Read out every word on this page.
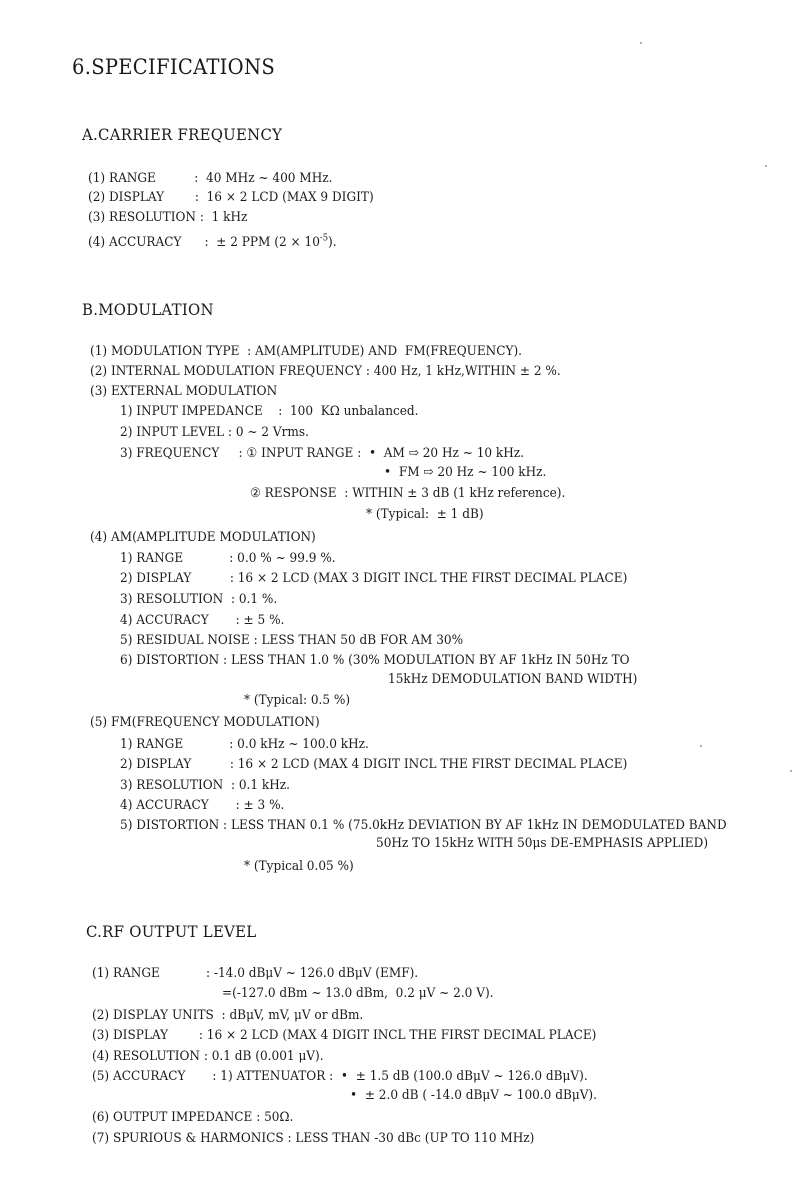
6.SPECIFICATIONS
A.CARRIER FREQUENCY
(1) RANGE          :  40 MHz ~ 400 MHz.
(2) DISPLAY        :  16 × 2 LCD (MAX 9 DIGIT)
(3) RESOLUTION :  1 kHz
(4) ACCURACY      :  ± 2 PPM $(2 \times 10^{-5})$.
B.MODULATION
(1) MODULATION TYPE  : AM(AMPLITUDE) AND  FM(FREQUENCY).
(2) INTERNAL MODULATION FREQUENCY : 400 Hz, 1 kHz,WITHIN ± 2 %.
(3) EXTERNAL MODULATION
1) INPUT IMPEDANCE    :  100  KΩ unbalanced.
2) INPUT LEVEL : 0 ~ 2 Vrms.
3) FREQUENCY     : ① INPUT RANGE :  •  AM ⇨ 20 Hz ~ 10 kHz.
•  FM ⇨ 20 Hz ~ 100 kHz.
② RESPONSE  : WITHIN ± 3 dB (1 kHz reference).
* (Typical:  ± 1 dB)
(4) AM(AMPLITUDE MODULATION)
1) RANGE            : 0.0 % ~ 99.9 %.
2) DISPLAY          : 16 × 2 LCD (MAX 3 DIGIT INCL THE FIRST DECIMAL PLACE)
3) RESOLUTION  : 0.1 %.
4) ACCURACY       : ± 5 %.
5) RESIDUAL NOISE : LESS THAN 50 dB FOR AM 30%
6) DISTORTION : LESS THAN 1.0 % (30% MODULATION BY AF 1kHz IN 50Hz TO
15kHz DEMODULATION BAND WIDTH)
* (Typical: 0.5 %)
(5) FM(FREQUENCY MODULATION)
1) RANGE            : 0.0 kHz ~ 100.0 kHz.
2) DISPLAY          : 16 × 2 LCD (MAX 4 DIGIT INCL THE FIRST DECIMAL PLACE)
3) RESOLUTION  : 0.1 kHz.
4) ACCURACY       : ± 3 %.
5) DISTORTION : LESS THAN 0.1 % (75.0kHz DEVIATION BY AF 1kHz IN DEMODULATED BAND
50Hz TO 15kHz WITH 50μs DE-EMPHASIS APPLIED)
* (Typical 0.05 %)
C.RF OUTPUT LEVEL
(1) RANGE            : -14.0 dBμV ~ 126.0 dBμV (EMF).
=(-127.0 dBm ~ 13.0 dBm,  0.2 μV ~ 2.0 V).
(2) DISPLAY UNITS  : dBμV, mV, μV or dBm.
(3) DISPLAY        : 16 × 2 LCD (MAX 4 DIGIT INCL THE FIRST DECIMAL PLACE)
(4) RESOLUTION : 0.1 dB (0.001 μV).
(5) ACCURACY       : 1) ATTENUATOR :  •  ± 1.5 dB (100.0 dBμV ~ 126.0 dBμV).
•  ± 2.0 dB ( -14.0 dBμV ~ 100.0 dBμV).
(6) OUTPUT IMPEDANCE : 50Ω.
(7) SPURIOUS & HARMONICS : LESS THAN -30 dBc (UP TO 110 MHz)
